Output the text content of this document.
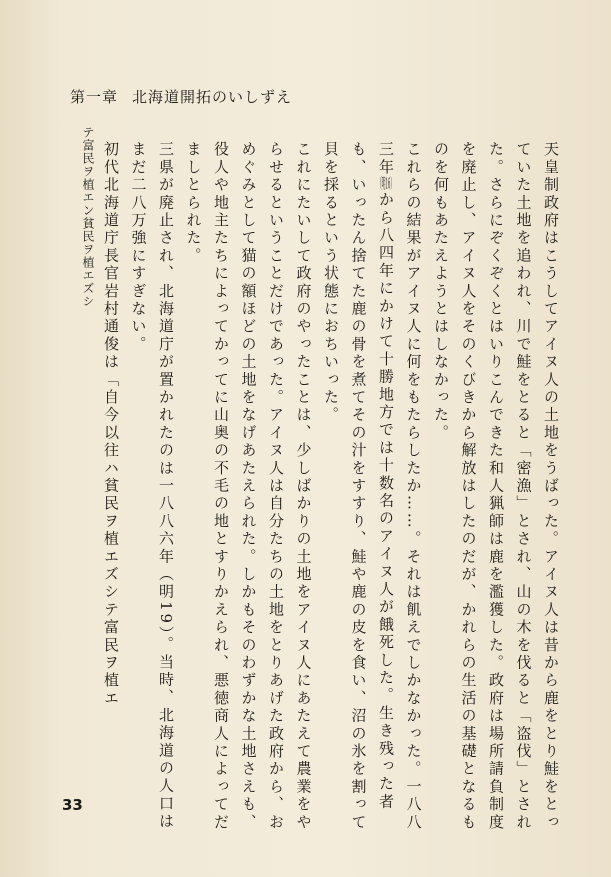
第一章 北海道開拓のいしずえ

天皇制政府はこうしてアイヌ人の土地をうばった。アイヌ人は昔から鹿をとり鮭をとっていた土地を追われ、川で鮭をとると「密漁」とされ、山の木を伐ると「盗伐」とされた。さらにぞくぞくとはいりこんできた和人猟師は鹿を濫獲した。政府は場所請負制度を廃止し、アイヌ人をそのくびきから解放はしたのだが、かれらの生活の基礎となるものを何もあたえようとはしなかった。

これらの結果がアイヌ人に何をもたらしたか……。それは飢えでしかなかった。一八八三年（明16）から八四年にかけて十勝地方では十数名のアイヌ人が餓死した。生き残った者も、いったん捨てた鹿の骨を煮てその汁をすすり、鮭や鹿の皮を食い、沼の氷を割って貝を採るという状態におちいった。

これにたいして政府のやったことは、少しばかりの土地をアイヌ人にあたえて農業をやらせるということだけであった。アイヌ人は自分たちの土地をとりあげた政府から、おめぐみとして猫の額ほどの土地をなげあたえられた。しかもそのわずかな土地さえも、役人や地主たちによってかってに山奥の不毛の地とすりかえられ、悪徳商人によってだましとられた。

三県が廃止され、北海道庁が置かれたのは一八八六年（明19）。当時、北海道の人口はまだ二八万強にすぎない。

初代北海道庁長官岩村通俊は「自今以往ハ貧民ヲ植エズシテ富民ヲ植エ

貧民ヲ植エズシ
テ富民ヲ植エン

33
